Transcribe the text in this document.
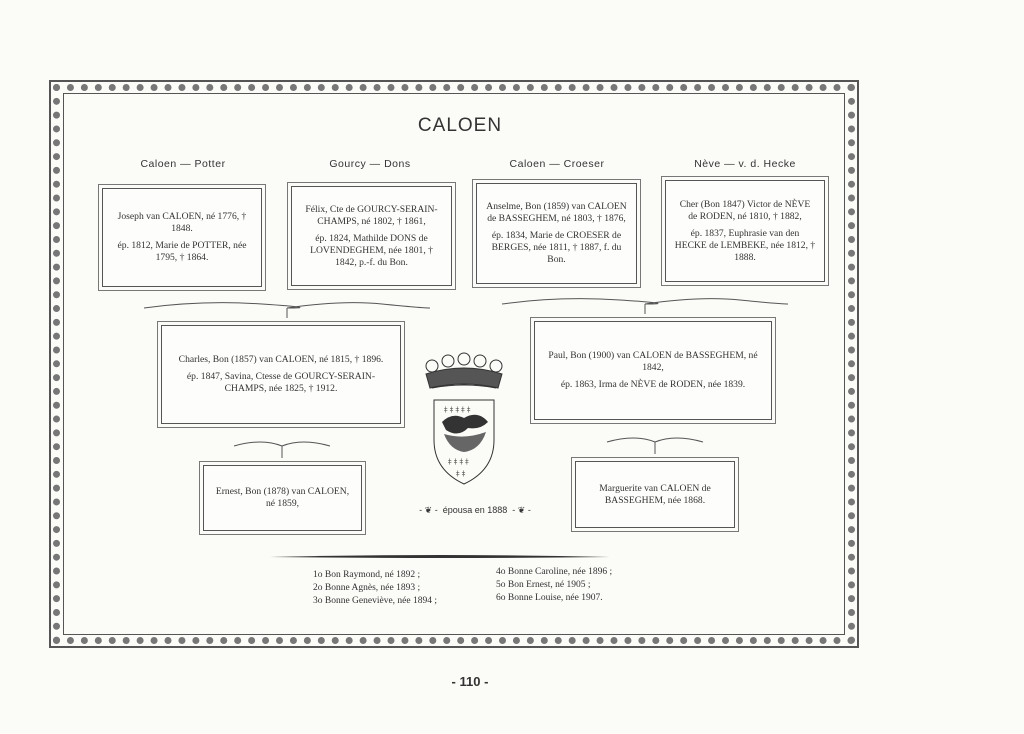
CALOEN
Caloen — Potter	Gourcy — Dons	Caloen — Croeser	Nève — v. d. Hecke

Joseph van CALOEN, né 1776, † 1848.

ép. 1812, Marie de POTTER, née 1795, † 1864.

Félix, Cte de GOURCY-SERAIN-CHAMPS, né 1802, † 1861,

ép. 1824, Mathilde DONS de LOVENDEGHEM, née 1801, † 1842, p.-f. du Bon.

Anselme, Bon (1859) van CALOEN de BASSEGHEM, né 1803, † 1876,

ép. 1834, Marie de CROESER de BERGES, née 1811, † 1887, f. du Bon.

Cher (Bon 1847) Victor de NÈVE de RODEN, né 1810, † 1882,

ép. 1837, Euphrasie van den HECKE de LEMBEKE, née 1812, † 1888.

Charles, Bon (1857) van CALOEN, né 1815, † 1896.

ép. 1847, Savina, Ctesse de GOURCY-SERAIN-CHAMPS, née 1825, † 1912.

Paul, Bon (1900) van CALOEN de BASSEGHEM, né 1842,

ép. 1863, Irma de NÈVE de RODEN, née 1839.

‡ ‡ ‡ ‡ ‡
‡ ‡ ‡ ‡
‡ ‡

Ernest, Bon (1878) van CALOEN, né 1859,

Marguerite van CALOEN de BASSEGHEM, née 1868.

- ❦ - épousa en 1888 - ❦ -
1o Bon Raymond, né 1892 ;
2o Bonne Agnès, née 1893 ;
3o Bonne Geneviève, née 1894 ;
4o Bonne Caroline, née 1896 ;
5o Bon Ernest, né 1905 ;
6o Bonne Louise, née 1907.
- 110 -
